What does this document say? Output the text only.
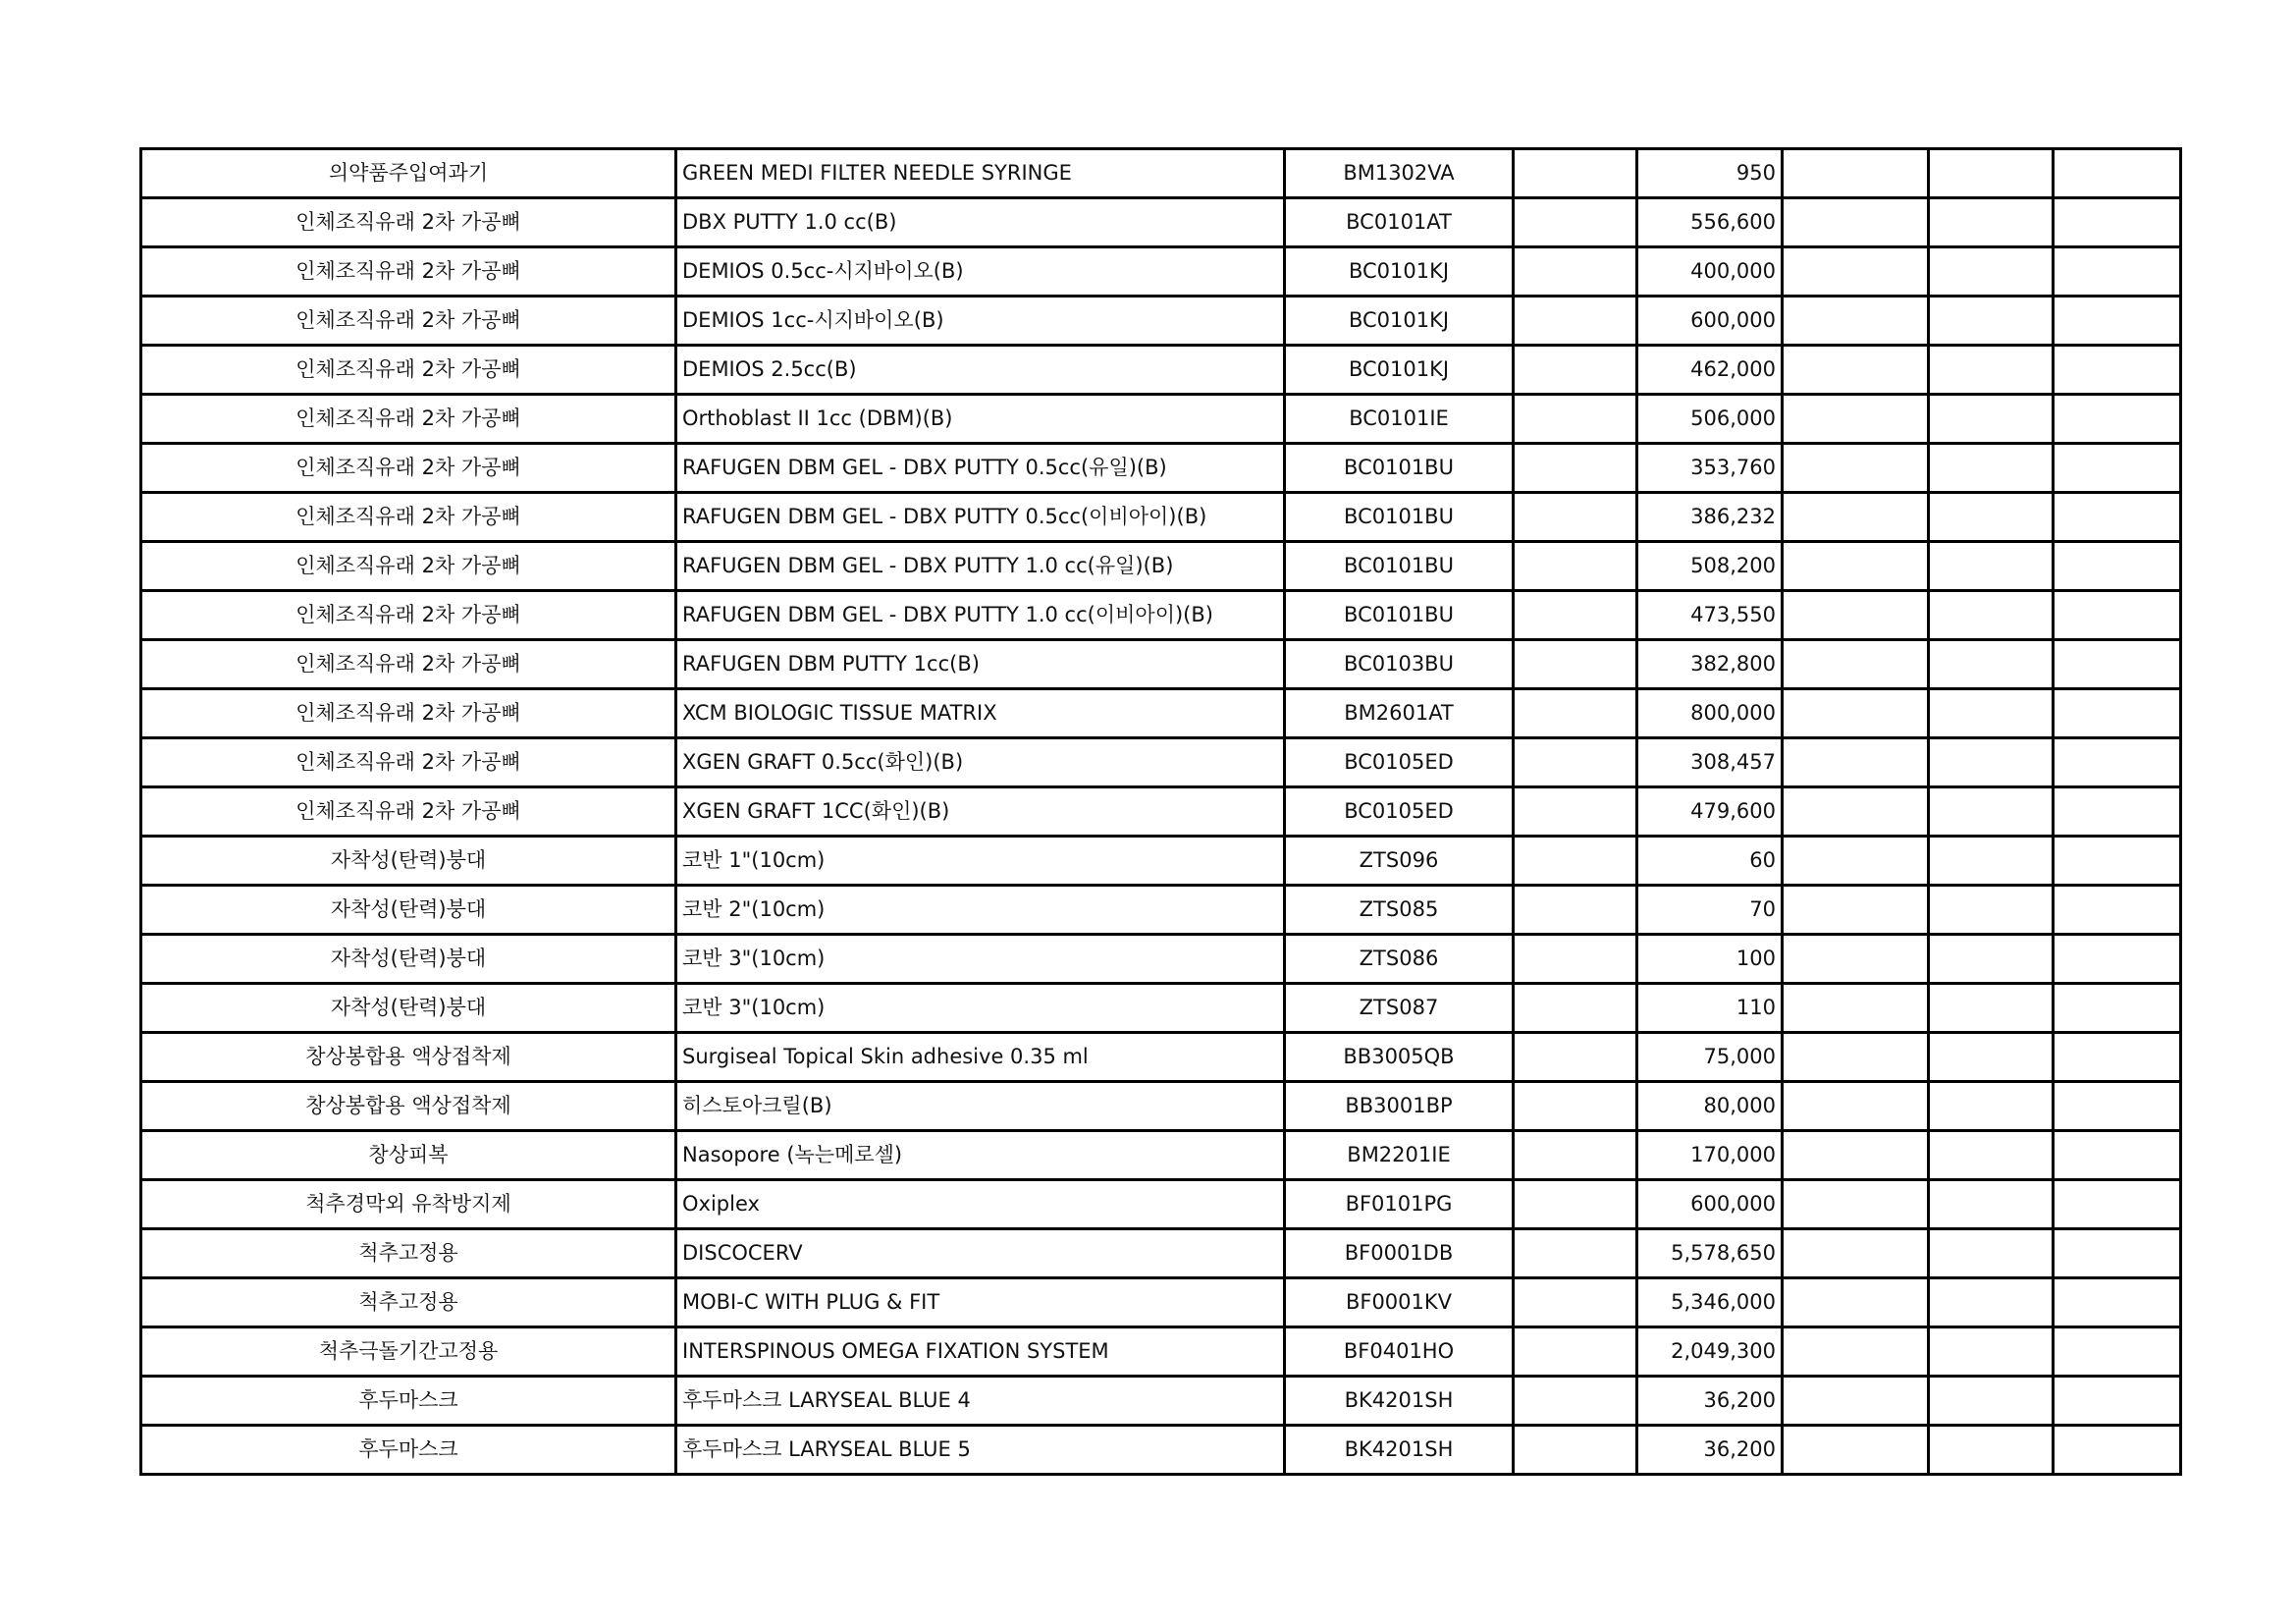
의약품주입여과기	GREEN MEDI FILTER NEEDLE SYRINGE	BM1302VA		950			
인체조직유래 2차 가공뼈	DBX PUTTY 1.0 cc(B)	BC0101AT		556,600			
인체조직유래 2차 가공뼈	DEMIOS 0.5cc-시지바이오(B)	BC0101KJ		400,000			
인체조직유래 2차 가공뼈	DEMIOS 1cc-시지바이오(B)	BC0101KJ		600,000			
인체조직유래 2차 가공뼈	DEMIOS 2.5cc(B)	BC0101KJ		462,000			
인체조직유래 2차 가공뼈	Orthoblast II 1cc (DBM)(B)	BC0101IE		506,000			
인체조직유래 2차 가공뼈	RAFUGEN DBM GEL - DBX PUTTY 0.5cc(유일)(B)	BC0101BU		353,760			
인체조직유래 2차 가공뼈	RAFUGEN DBM GEL - DBX PUTTY 0.5cc(이비아이)(B)	BC0101BU		386,232			
인체조직유래 2차 가공뼈	RAFUGEN DBM GEL - DBX PUTTY 1.0 cc(유일)(B)	BC0101BU		508,200			
인체조직유래 2차 가공뼈	RAFUGEN DBM GEL - DBX PUTTY 1.0 cc(이비아이)(B)	BC0101BU		473,550			
인체조직유래 2차 가공뼈	RAFUGEN DBM PUTTY 1cc(B)	BC0103BU		382,800			
인체조직유래 2차 가공뼈	XCM BIOLOGIC TISSUE MATRIX	BM2601AT		800,000			
인체조직유래 2차 가공뼈	XGEN GRAFT 0.5cc(화인)(B)	BC0105ED		308,457			
인체조직유래 2차 가공뼈	XGEN GRAFT 1CC(화인)(B)	BC0105ED		479,600			
자착성(탄력)붕대	코반 1"(10cm)	ZTS096		60			
자착성(탄력)붕대	코반 2"(10cm)	ZTS085		70			
자착성(탄력)붕대	코반 3"(10cm)	ZTS086		100			
자착성(탄력)붕대	코반 3"(10cm)	ZTS087		110			
창상봉합용 액상접착제	Surgiseal Topical Skin adhesive 0.35 ml	BB3005QB		75,000			
창상봉합용 액상접착제	히스토아크릴(B)	BB3001BP		80,000			
창상피복	Nasopore (녹는메로셀)	BM2201IE		170,000			
척추경막외 유착방지제	Oxiplex	BF0101PG		600,000			
척추고정용	DISCOCERV	BF0001DB		5,578,650			
척추고정용	MOBI-C WITH PLUG & FIT	BF0001KV		5,346,000			
척추극돌기간고정용	INTERSPINOUS OMEGA FIXATION SYSTEM	BF0401HO		2,049,300			
후두마스크	후두마스크 LARYSEAL BLUE 4	BK4201SH		36,200			
후두마스크	후두마스크 LARYSEAL BLUE 5	BK4201SH		36,200			
